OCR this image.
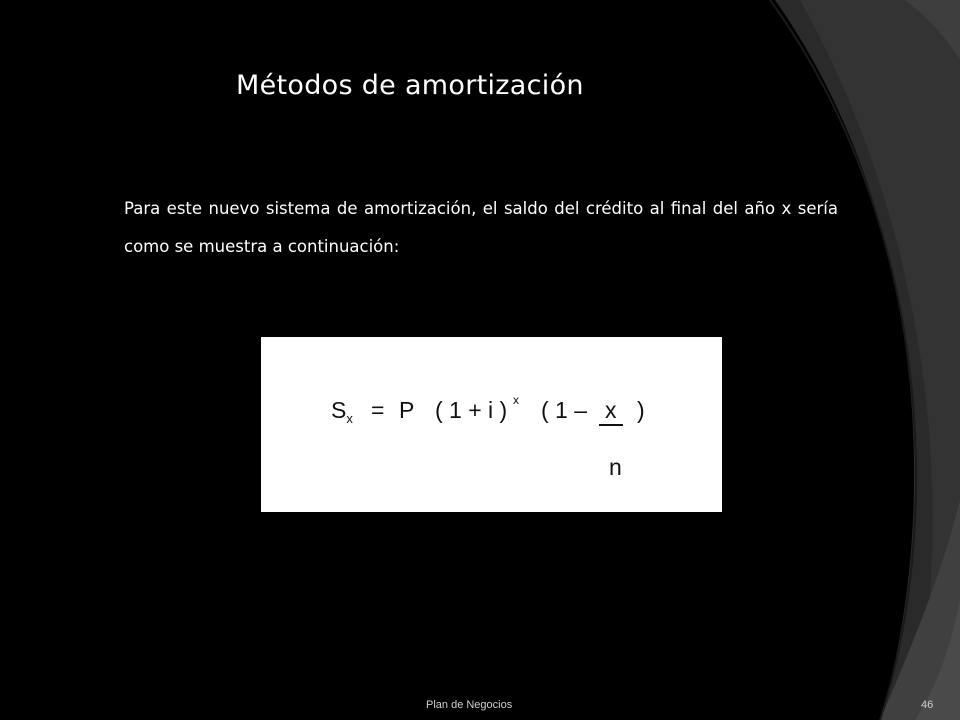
Métodos de amortización

Para este nuevo sistema de amortización, el saldo del crédito al final del año x sería como se muestra a continuación:

$S_x = P$ ( 1 + i ) x ( 1 – x )
n
Plan de Negocios	46
